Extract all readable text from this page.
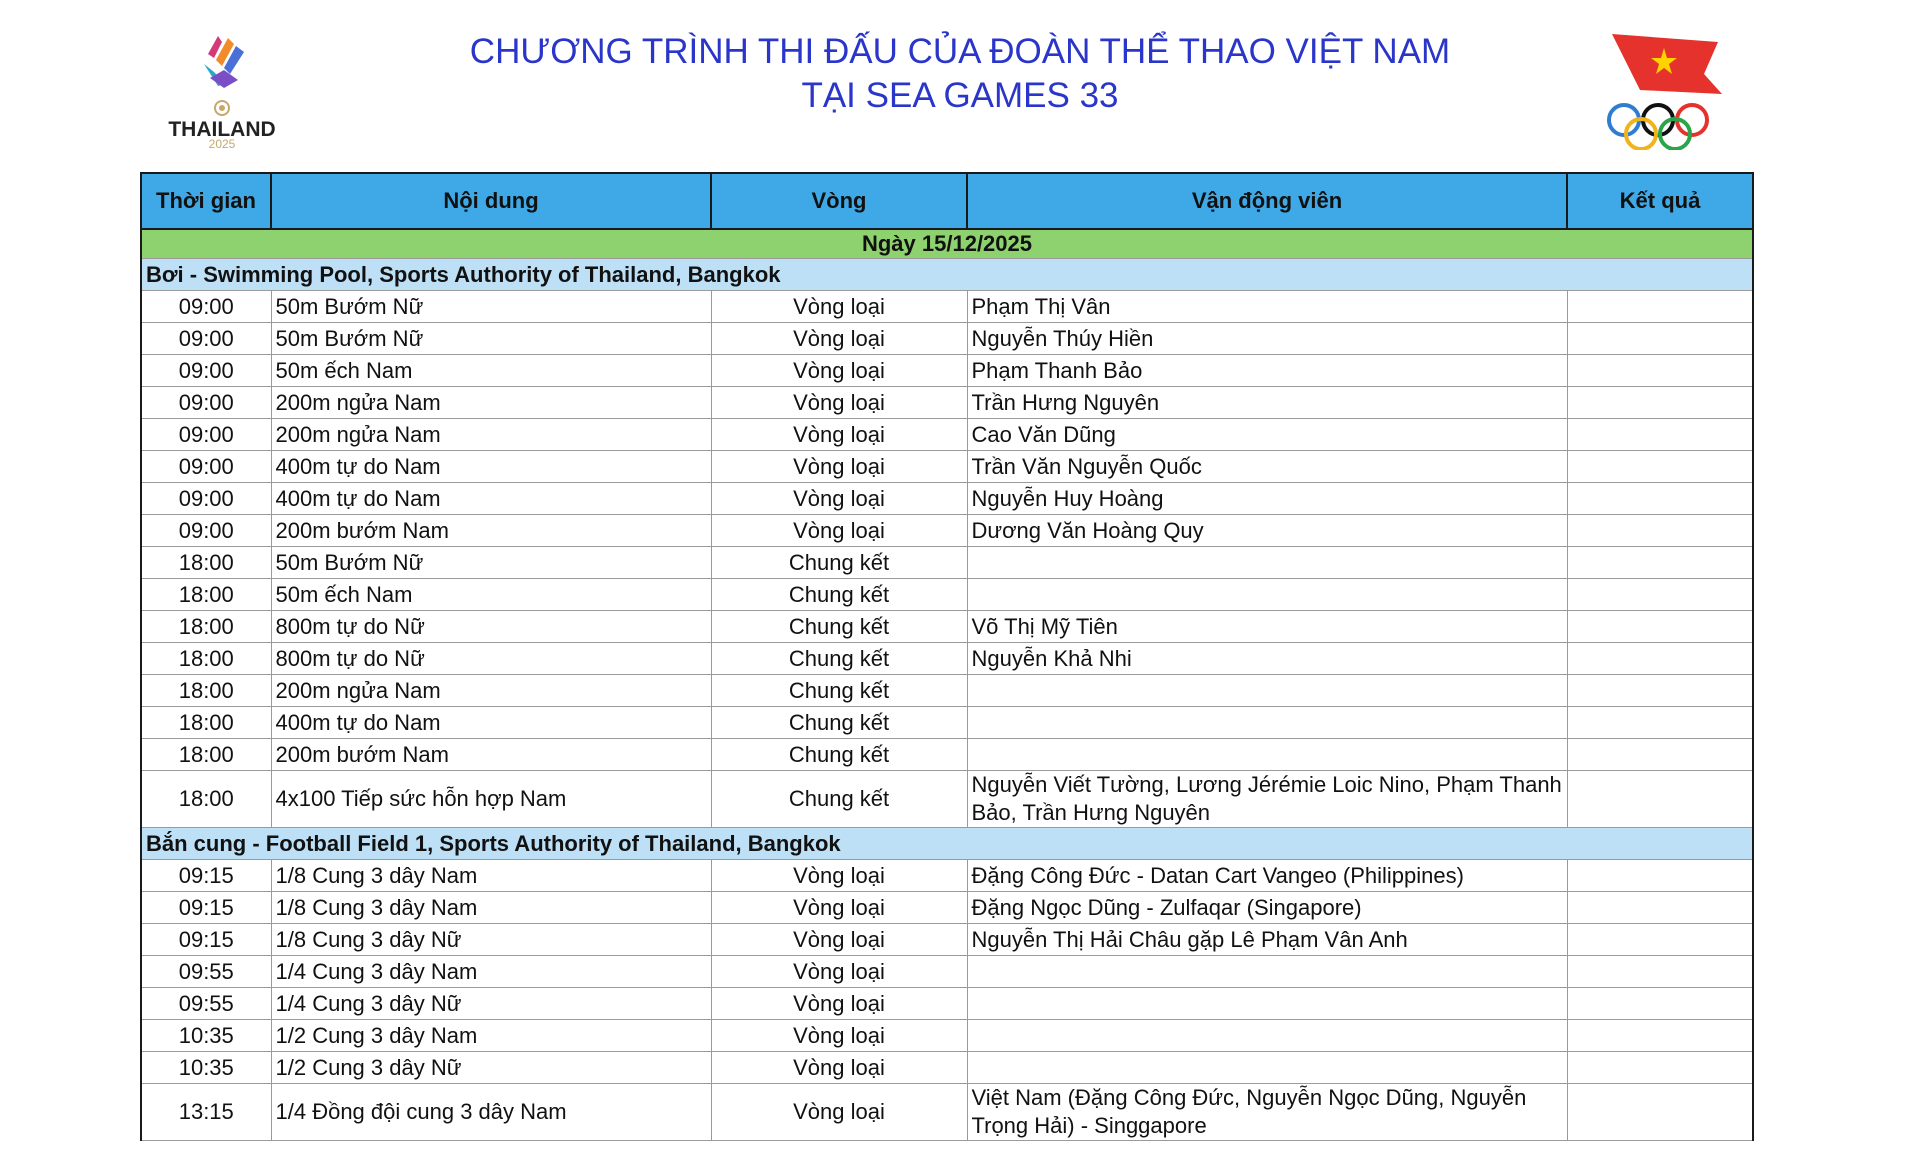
CHƯƠNG TRÌNH THI ĐẤU CỦA ĐOÀN THỂ THAO VIỆT NAM
TẠI SEA GAMES 33
THAILAND
2025
Thời gian	Nội dung	Vòng	Vận động viên	Kết quả
Ngày 15/12/2025				
Bơi - Swimming Pool, Sports Authority of Thailand, Bangkok				
09:00	50m Bướm Nữ	Vòng loại	Phạm Thị Vân	
09:00	50m Bướm Nữ	Vòng loại	Nguyễn Thúy Hiền	
09:00	50m ếch Nam	Vòng loại	Phạm Thanh Bảo	
09:00	200m ngửa Nam	Vòng loại	Trần Hưng Nguyên	
09:00	200m ngửa Nam	Vòng loại	Cao Văn Dũng	
09:00	400m tự do Nam	Vòng loại	Trần Văn Nguyễn Quốc	
09:00	400m tự do Nam	Vòng loại	Nguyễn Huy Hoàng	
09:00	200m bướm Nam	Vòng loại	Dương Văn Hoàng Quy	
18:00	50m Bướm Nữ	Chung kết		
18:00	50m ếch Nam	Chung kết		
18:00	800m tự do Nữ	Chung kết	Võ Thị Mỹ Tiên	
18:00	800m tự do Nữ	Chung kết	Nguyễn Khả Nhi	
18:00	200m ngửa Nam	Chung kết		
18:00	400m tự do Nam	Chung kết		
18:00	200m bướm Nam	Chung kết		
18:00	4x100 Tiếp sức hỗn hợp Nam	Chung kết	Nguyễn Viết Tường, Lương Jérémie Loic Nino, Phạm Thanh Bảo, Trần Hưng Nguyên	
Bắn cung - Football Field 1, Sports Authority of Thailand, Bangkok				
09:15	1/8 Cung 3 dây Nam	Vòng loại	Đặng Công Đức - Datan Cart Vangeo (Philippines)	
09:15	1/8 Cung 3 dây Nam	Vòng loại	Đặng Ngọc Dũng - Zulfaqar (Singapore)	
09:15	1/8 Cung 3 dây Nữ	Vòng loại	Nguyễn Thị Hải Châu gặp Lê Phạm Vân Anh	
09:55	1/4 Cung 3 dây Nam	Vòng loại		
09:55	1/4 Cung 3 dây Nữ	Vòng loại		
10:35	1/2 Cung 3 dây Nam	Vòng loại		
10:35	1/2 Cung 3 dây Nữ	Vòng loại		
13:15	1/4 Đồng đội cung 3 dây Nam	Vòng loại	Việt Nam (Đặng Công Đức, Nguyễn Ngọc Dũng, Nguyễn Trọng Hải) - Singgapore	
